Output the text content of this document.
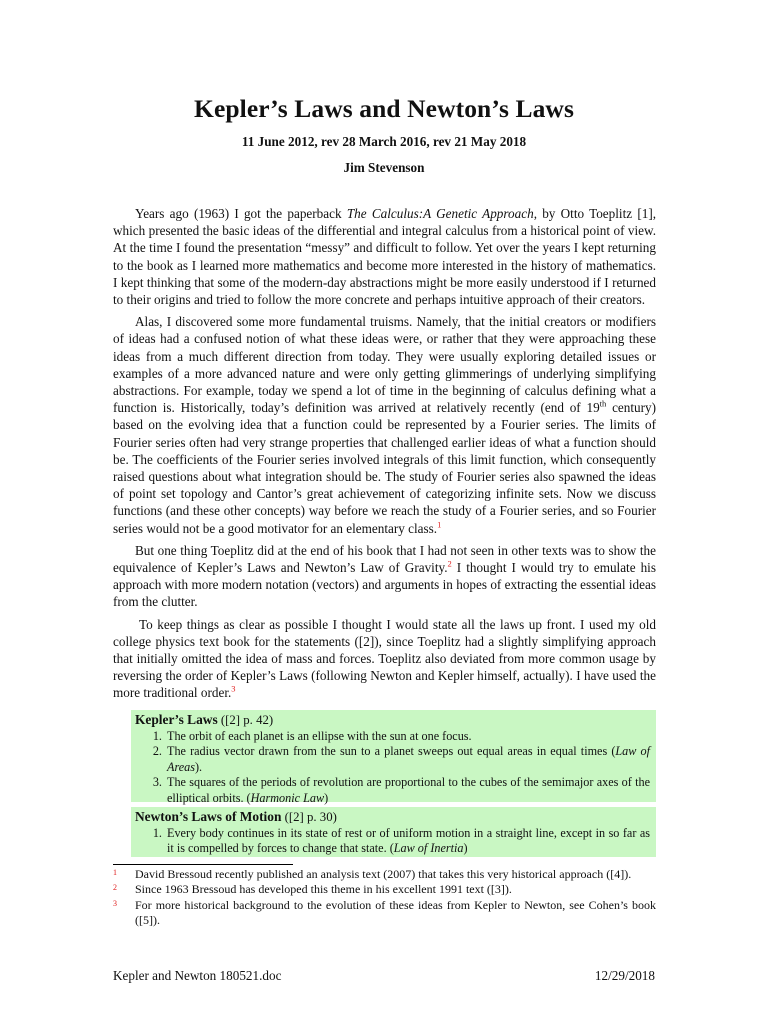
Kepler’s Laws and Newton’s Laws
11 June 2012, rev 28 March 2016, rev 21 May 2018
Jim Stevenson

Years ago (1963) I got the paperback The Calculus:A Genetic Approach, by Otto Toeplitz [1], which presented the basic ideas of the differential and integral calculus from a historical point of view. At the time I found the presentation “messy” and difficult to follow. Yet over the years I kept returning to the book as I learned more mathematics and become more interested in the history of mathematics. I kept thinking that some of the modern-day abstractions might be more easily understood if I returned to their origins and tried to follow the more concrete and perhaps intuitive approach of their creators.

Alas, I discovered some more fundamental truisms. Namely, that the initial creators or modifiers of ideas had a confused notion of what these ideas were, or rather that they were approaching these ideas from a much different direction from today. They were usually exploring detailed issues or examples of a more advanced nature and were only getting glimmerings of underlying simplifying abstractions. For example, today we spend a lot of time in the beginning of calculus defining what a function is. Historically, today’s definition was arrived at relatively recently (end of 19th century) based on the evolving idea that a function could be represented by a Fourier series. The limits of Fourier series often had very strange properties that challenged earlier ideas of what a function should be. The coefficients of the Fourier series involved integrals of this limit function, which consequently raised questions about what integration should be. The study of Fourier series also spawned the ideas of point set topology and Cantor’s great achievement of categorizing infinite sets. Now we discuss functions (and these other concepts) way before we reach the study of a Fourier series, and so Fourier series would not be a good motivator for an elementary class.$^1$

But one thing Toeplitz did at the end of his book that I had not seen in other texts was to show the equivalence of Kepler’s Laws and Newton’s Law of Gravity.$^2$ I thought I would try to emulate his approach with more modern notation (vectors) and arguments in hopes of extracting the essential ideas from the clutter.

To keep things as clear as possible I thought I would state all the laws up front. I used my old college physics text book for the statements ([2]), since Toeplitz had a slightly simplifying approach that initially omitted the idea of mass and forces. Toeplitz also deviated from more common usage by reversing the order of Kepler’s Laws (following Newton and Kepler himself, actually). I have used the more traditional order.$^3$

Kepler’s Laws ([2] p. 42)
1. The orbit of each planet is an ellipse with the sun at one focus.
2. The radius vector drawn from the sun to a planet sweeps out equal areas in equal times (Law of Areas).
3. The squares of the periods of revolution are proportional to the cubes of the semimajor axes of the elliptical orbits. (Harmonic Law)
Newton’s Laws of Motion ([2] p. 30)
1. Every body continues in its state of rest or of uniform motion in a straight line, except in so far as it is compelled by forces to change that state. (Law of Inertia)
1	David Bressoud recently published an analysis text (2007) that takes this very historical approach ([4]).
2	Since 1963 Bressoud has developed this theme in his excellent 1991 text ([3]).
3	For more historical background to the evolution of these ideas from Kepler to Newton, see Cohen’s book ([5]).
Kepler and Newton 180521.doc	12/29/2018
